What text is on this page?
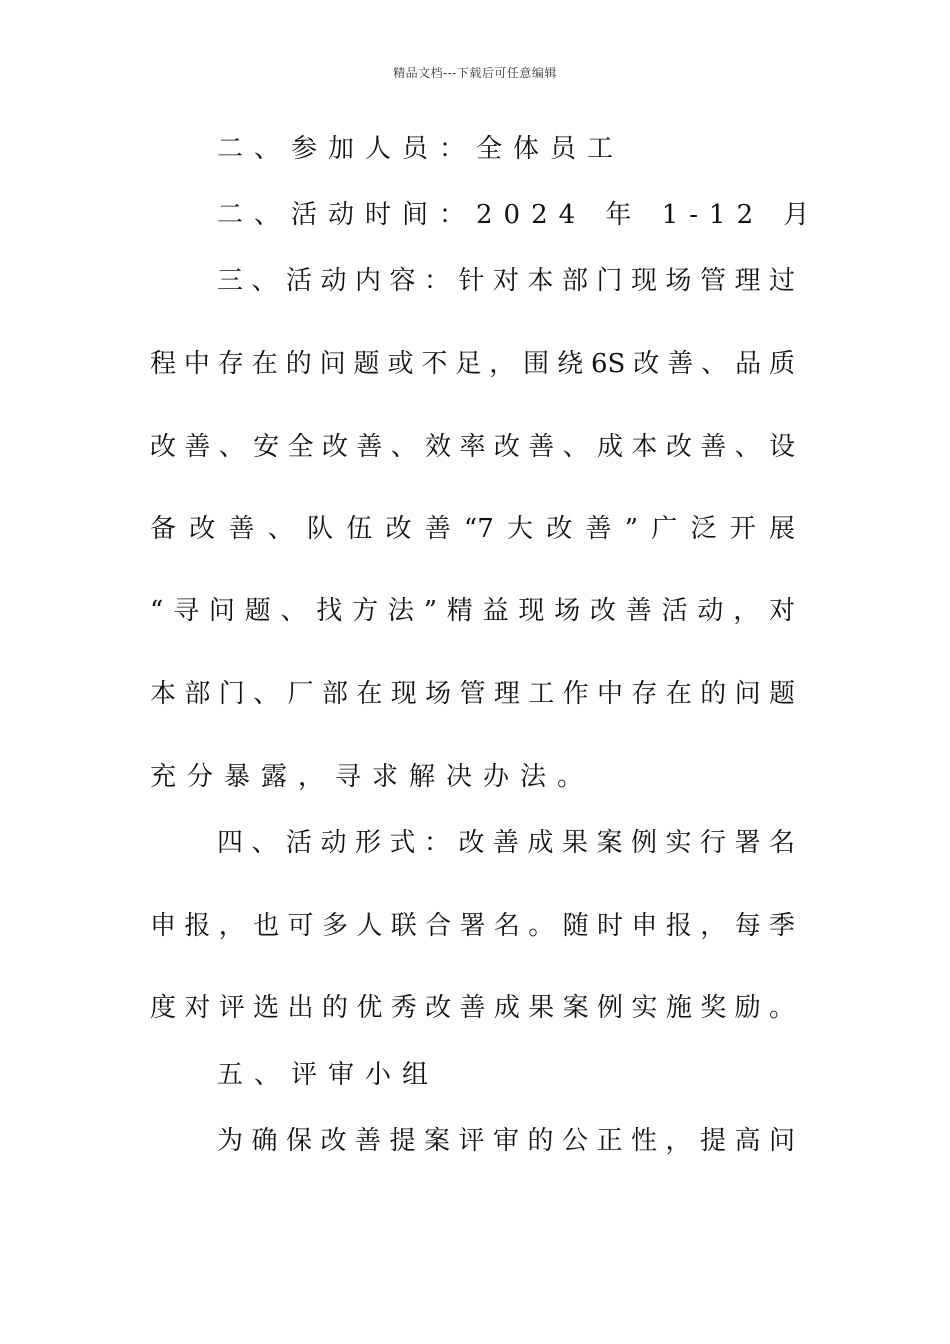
精品文档---下载后可任意编辑
二、参加人员：全体员工
二、活动时间：2024 年 1-12 月
三、活动内容：针对本部门现场管理过
程中存在的问题或不足，围绕6S改善、品质
改善、安全改善、效率改善、成本改善、设
备改善、队伍改善“7大改善”广泛开展
“寻问题、找方法”精益现场改善活动，对
本部门、厂部在现场管理工作中存在的问题
充分暴露，寻求解决办法。
四、活动形式：改善成果案例实行署名
申报，也可多人联合署名。随时申报，每季
度对评选出的优秀改善成果案例实施奖励。
五、评审小组
为确保改善提案评审的公正性，提高问
